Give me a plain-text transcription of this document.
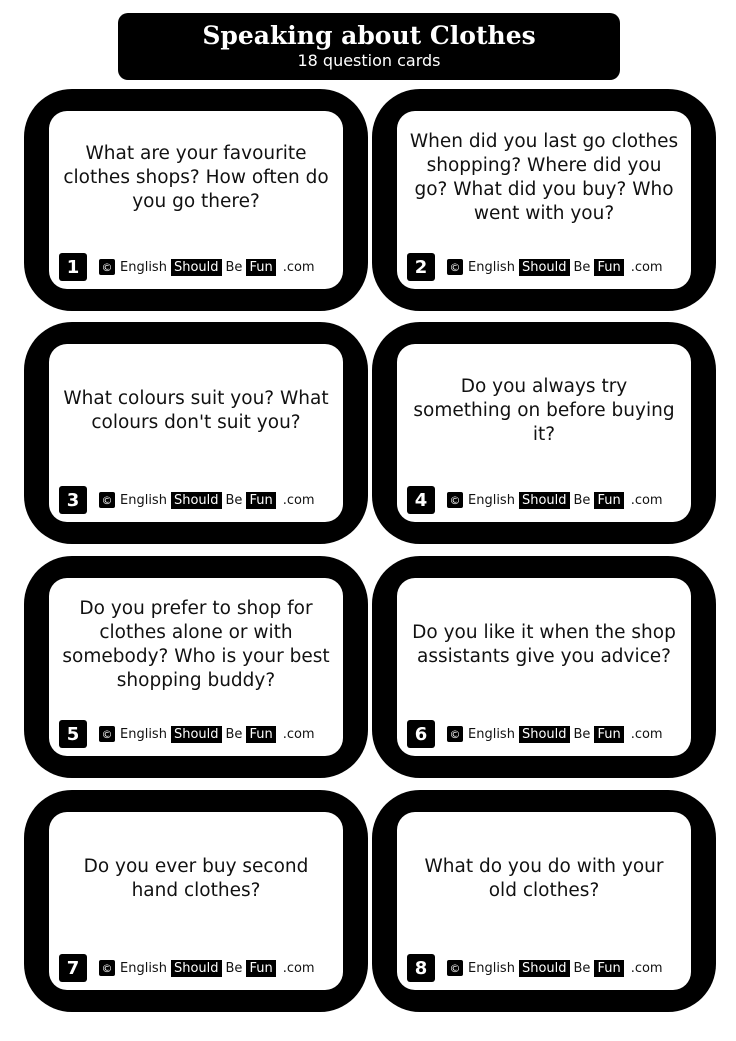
Speaking about Clothes
18 question cards
What are your favourite clothes shops? How often do you go there?
1	© English Should Be Fun .com
When did you last go clothes shopping? Where did you go? What did you buy? Who went with you?
2	© English Should Be Fun .com
What colours suit you? What colours don't suit you?
3	© English Should Be Fun .com
Do you always try something on before buying it?
4	© English Should Be Fun .com
Do you prefer to shop for clothes alone or with somebody? Who is your best shopping buddy?
5	© English Should Be Fun .com
Do you like it when the shop assistants give you advice?
6	© English Should Be Fun .com
Do you ever buy second hand clothes?
7	© English Should Be Fun .com
What do you do with your old clothes?
8	© English Should Be Fun .com
